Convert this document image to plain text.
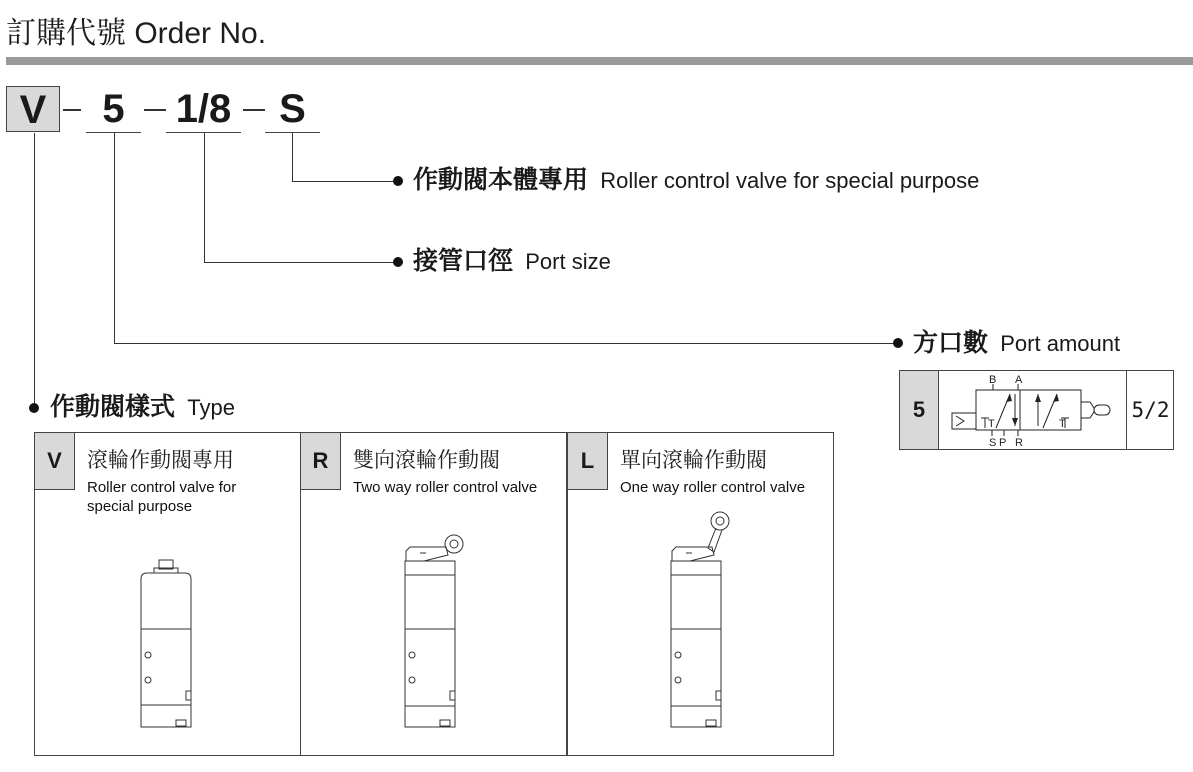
訂購代號 Order No.
V	5	1/8	S
作動閥本體專用 Roller control valve for special purpose
接管口徑 Port size
方口數 Port amount
作動閥樣式 Type	5	5/2
B A
T	T
S P R
V	滾輪作動閥專用
Roller control valve for
special purpose
R	雙向滾輪作動閥
Two way roller control valve
L	單向滾輪作動閥
One way roller control valve
